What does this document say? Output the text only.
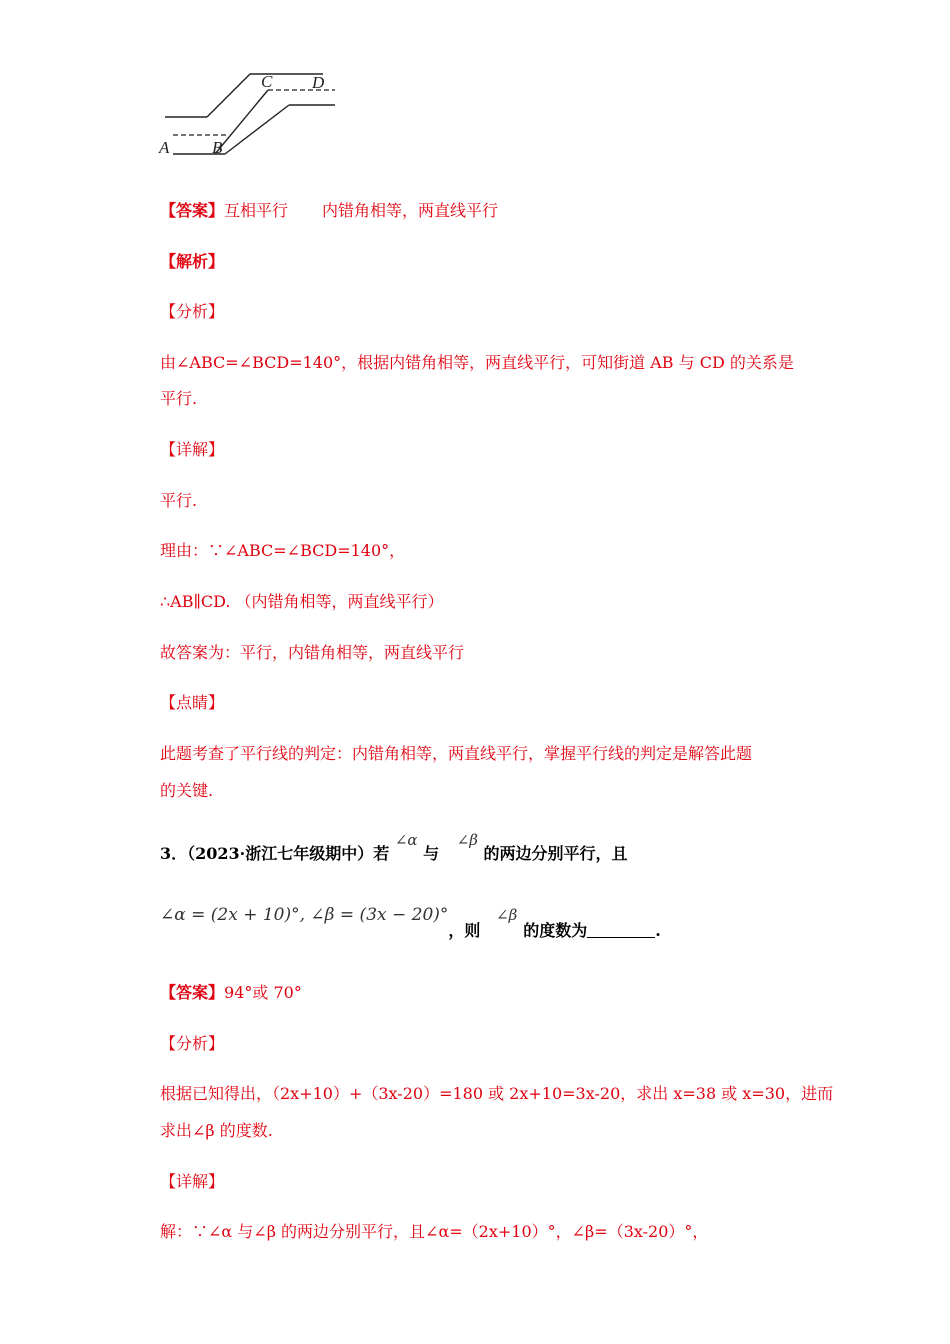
A	B
C D
【答案】互相平行 内错角相等，两直线平行
【解析】
【分析】
由∠ABC=∠BCD=140°，根据内错角相等，两直线平行，可知街道 AB 与 CD 的关系是
平行.
【详解】
平行.
理由：∵∠ABC=∠BCD=140°，
∴AB∥CD. （内错角相等，两直线平行）
故答案为：平行，内错角相等，两直线平行
【点睛】
此题考查了平行线的判定：内错角相等，两直线平行，掌握平行线的判定是解答此题
的关键.
3．（2023·浙江七年级期中）若 ∠α 与 ∠β 的两边分别平行，且
∠α = (2x + 10)°, ∠β = (3x − 20)°，则 ∠β的度数为	.
【答案】94°或 70°
【分析】
根据已知得出，（2x+10）+（3x-20）=180 或 2x+10=3x-20，求出 x=38 或 x=30，进而
求出∠β 的度数.
【详解】
解：∵∠α 与∠β 的两边分别平行，且∠α=（2x+10）°，∠β=（3x-20）°，
